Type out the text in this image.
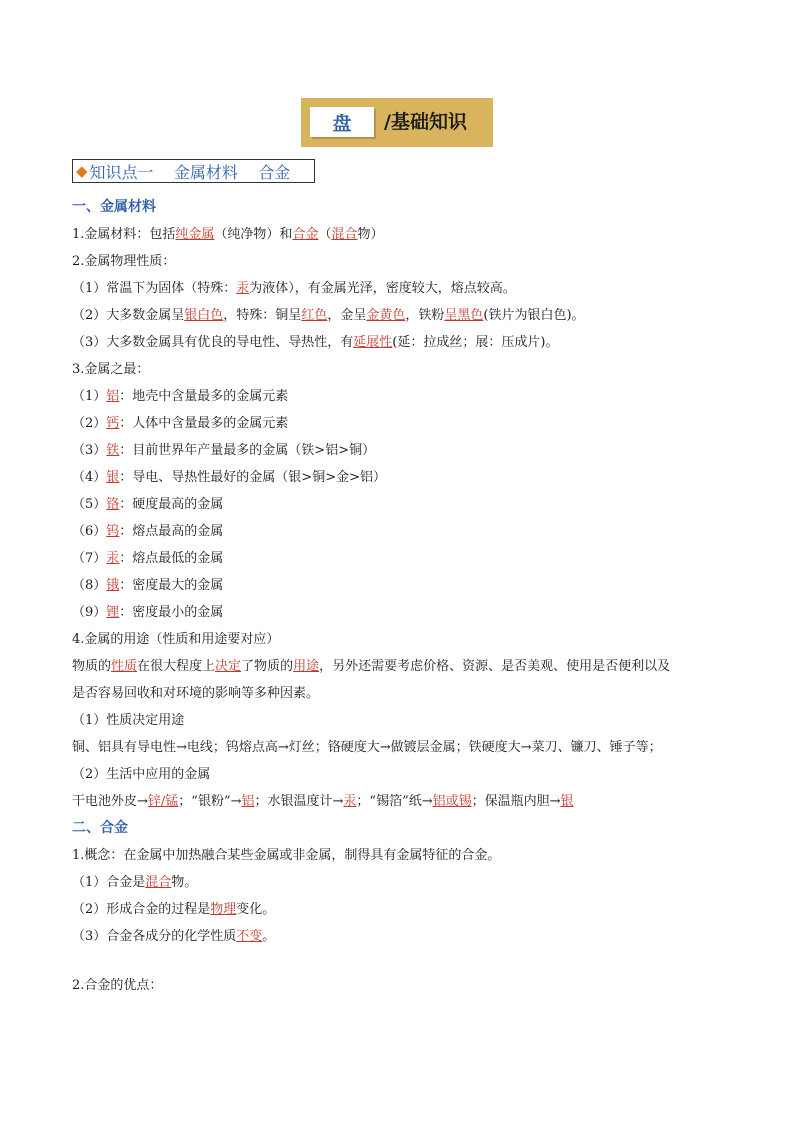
盘	/基础知识
◆ 知识点一    金属材料    合金
一、金属材料
1.金属材料：包括纯金属（纯净物）和合金（混合物）
2.金属物理性质：
（1）常温下为固体（特殊：汞为液体），有金属光泽，密度较大，熔点较高。
（2）大多数金属呈银白色，特殊：铜呈红色，金呈金黄色，铁粉呈黑色(铁片为银白色)。
（3）大多数金属具有优良的导电性、导热性，有延展性(延：拉成丝；展：压成片)。
3.金属之最：
（1）铝：地壳中含量最多的金属元素
（2）钙：人体中含量最多的金属元素
（3）铁：目前世界年产量最多的金属（铁>铝>铜）
（4）银：导电、导热性最好的金属（银>铜>金>铝）
（5）铬：硬度最高的金属
（6）钨：熔点最高的金属
（7）汞：熔点最低的金属
（8）锇：密度最大的金属
（9）锂：密度最小的金属
4.金属的用途（性质和用途要对应）
物质的性质在很大程度上决定了物质的用途，另外还需要考虑价格、资源、是否美观、使用是否便利以及
是否容易回收和对环境的影响等多种因素。
（1）性质决定用途
铜、铝具有导电性→电线；钨熔点高→灯丝；铬硬度大→做镀层金属；铁硬度大→菜刀、镰刀、锤子等；
（2）生活中应用的金属
干电池外皮→锌/锰；“银粉”→铝；水银温度计→汞；“锡箔”纸→铝或锡；保温瓶内胆→银
二、合金
1.概念：在金属中加热融合某些金属或非金属，制得具有金属特征的合金。
（1）合金是混合物。
（2）形成合金的过程是物理变化。
（3）合金各成分的化学性质不变。
2.合金的优点：
